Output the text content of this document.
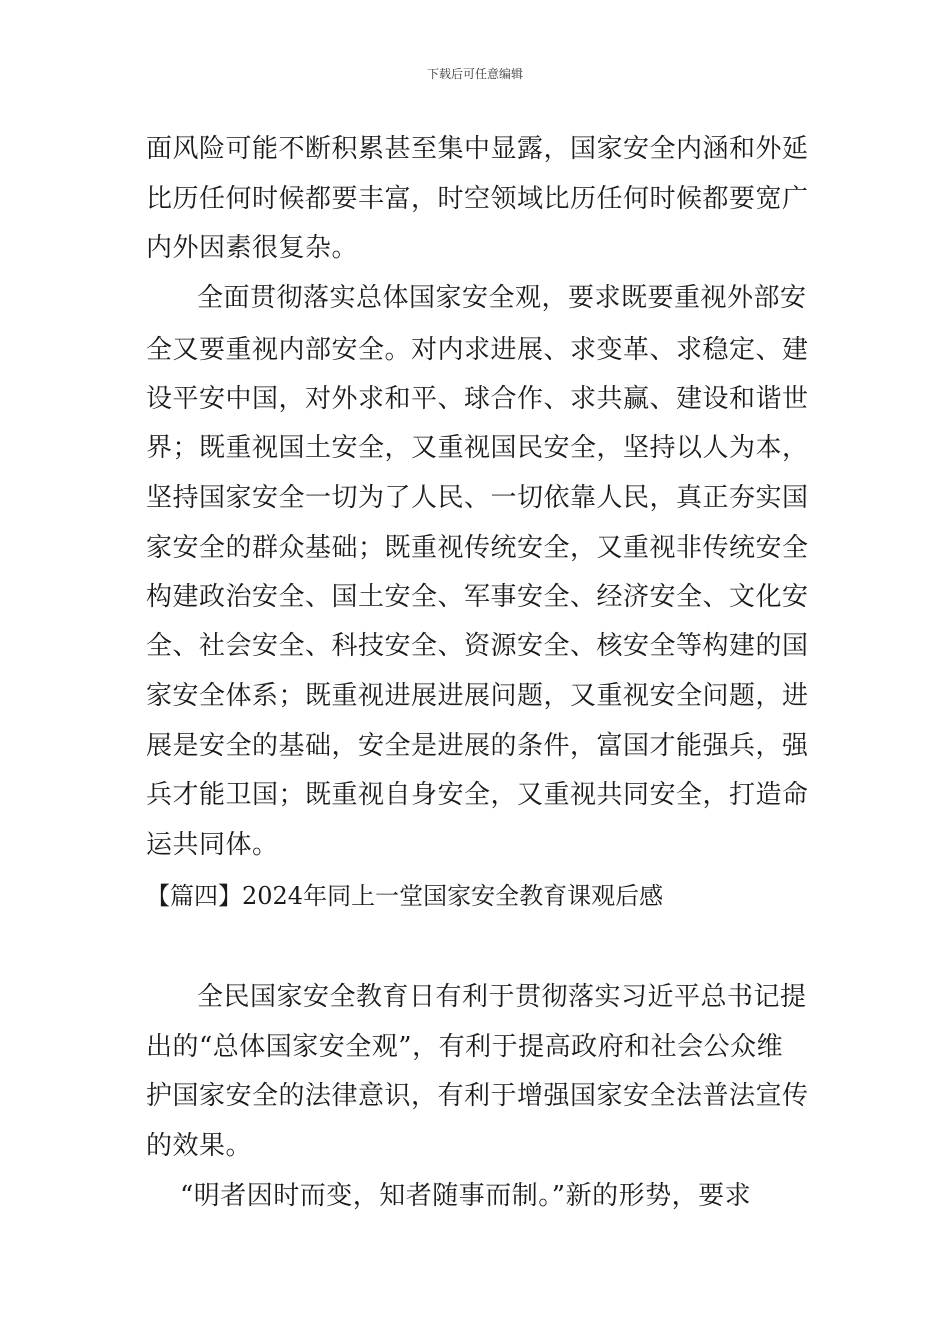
下载后可任意编辑
面风险可能不断积累甚至集中显露，国家安全内涵和外延
比历任何时候都要丰富，时空领域比历任何时候都要宽广
内外因素很复杂。
全面贯彻落实总体国家安全观，要求既要重视外部安
全又要重视内部安全。对内求进展、求变革、求稳定、建
设平安中国，对外求和平、球合作、求共赢、建设和谐世
界；既重视国土安全，又重视国民安全，坚持以人为本，
坚持国家安全一切为了人民、一切依靠人民，真正夯实国
家安全的群众基础；既重视传统安全，又重视非传统安全
构建政治安全、国土安全、军事安全、经济安全、文化安
全、社会安全、科技安全、资源安全、核安全等构建的国
家安全体系；既重视进展进展问题，又重视安全问题，进
展是安全的基础，安全是进展的条件，富国才能强兵，强
兵才能卫国；既重视自身安全，又重视共同安全，打造命
运共同体。
【篇四】2024年同上一堂国家安全教育课观后感
全民国家安全教育日有利于贯彻落实习近平总书记提
出的“总体国家安全观”，有利于提高政府和社会公众维
护国家安全的法律意识，有利于增强国家安全法普法宣传
的效果。
“明者因时而变，知者随事而制。”新的形势，要求
